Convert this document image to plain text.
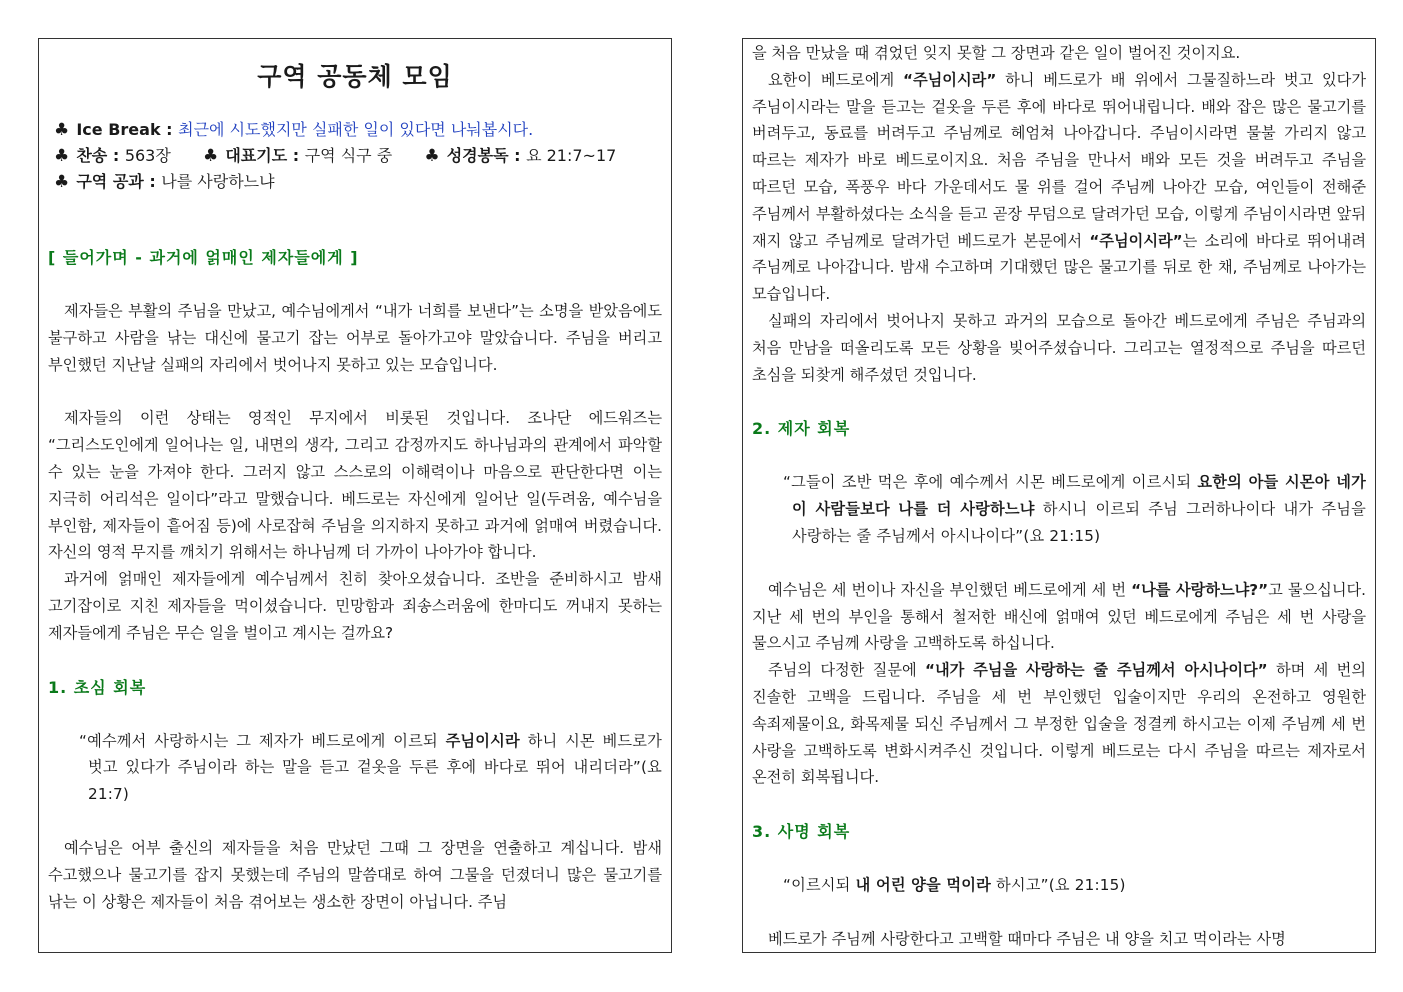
구역 공동체 모임
♣ Ice Break : 최근에 시도했지만 실패한 일이 있다면 나눠봅시다.
♣ 찬송 : 563장 ♣ 대표기도 : 구역 식구 중 ♣ 성경봉독 : 요 21:7~17
♣ 구역 공과 : 나를 사랑하느냐
[ 들어가며 - 과거에 얽매인 제자들에게 ]

제자들은 부활의 주님을 만났고, 예수님에게서 “내가 너희를 보낸다”는 소명을 받았음에도 불구하고 사람을 낚는 대신에 물고기 잡는 어부로 돌아가고야 말았습니다. 주님을 버리고 부인했던 지난날 실패의 자리에서 벗어나지 못하고 있는 모습입니다.

제자들의 이런 상태는 영적인 무지에서 비롯된 것입니다. 조나단 에드워즈는 “그리스도인에게 일어나는 일, 내면의 생각, 그리고 감정까지도 하나님과의 관계에서 파악할 수 있는 눈을 가져야 한다. 그러지 않고 스스로의 이해력이나 마음으로 판단한다면 이는 지극히 어리석은 일이다”라고 말했습니다. 베드로는 자신에게 일어난 일(두려움, 예수님을 부인함, 제자들이 흩어짐 등)에 사로잡혀 주님을 의지하지 못하고 과거에 얽매여 버렸습니다. 자신의 영적 무지를 깨치기 위해서는 하나님께 더 가까이 나아가야 합니다.

과거에 얽매인 제자들에게 예수님께서 친히 찾아오셨습니다. 조반을 준비하시고 밤새 고기잡이로 지친 제자들을 먹이셨습니다. 민망함과 죄송스러움에 한마디도 꺼내지 못하는 제자들에게 주님은 무슨 일을 벌이고 계시는 걸까요?

1. 초심 회복

“예수께서 사랑하시는 그 제자가 베드로에게 이르되 주님이시라 하니 시몬 베드로가 벗고 있다가 주님이라 하는 말을 듣고 겉옷을 두른 후에 바다로 뛰어 내리더라”(요 21:7)

예수님은 어부 출신의 제자들을 처음 만났던 그때 그 장면을 연출하고 계십니다. 밤새 수고했으나 물고기를 잡지 못했는데 주님의 말씀대로 하여 그물을 던졌더니 많은 물고기를 낚는 이 상황은 제자들이 처음 겪어보는 생소한 장면이 아닙니다. 주님

을 처음 만났을 때 겪었던 잊지 못할 그 장면과 같은 일이 벌어진 것이지요.

요한이 베드로에게 “주님이시라” 하니 베드로가 배 위에서 그물질하느라 벗고 있다가 주님이시라는 말을 듣고는 겉옷을 두른 후에 바다로 뛰어내립니다. 배와 잡은 많은 물고기를 버려두고, 동료를 버려두고 주님께로 헤엄쳐 나아갑니다. 주님이시라면 물불 가리지 않고 따르는 제자가 바로 베드로이지요. 처음 주님을 만나서 배와 모든 것을 버려두고 주님을 따르던 모습, 폭풍우 바다 가운데서도 물 위를 걸어 주님께 나아간 모습, 여인들이 전해준 주님께서 부활하셨다는 소식을 듣고 곧장 무덤으로 달려가던 모습, 이렇게 주님이시라면 앞뒤 재지 않고 주님께로 달려가던 베드로가 본문에서 “주님이시라”는 소리에 바다로 뛰어내려 주님께로 나아갑니다. 밤새 수고하며 기대했던 많은 물고기를 뒤로 한 채, 주님께로 나아가는 모습입니다.

실패의 자리에서 벗어나지 못하고 과거의 모습으로 돌아간 베드로에게 주님은 주님과의 처음 만남을 떠올리도록 모든 상황을 빚어주셨습니다. 그리고는 열정적으로 주님을 따르던 초심을 되찾게 해주셨던 것입니다.

2. 제자 회복

“그들이 조반 먹은 후에 예수께서 시몬 베드로에게 이르시되 요한의 아들 시몬아 네가 이 사람들보다 나를 더 사랑하느냐 하시니 이르되 주님 그러하나이다 내가 주님을 사랑하는 줄 주님께서 아시나이다”(요 21:15)

예수님은 세 번이나 자신을 부인했던 베드로에게 세 번 “나를 사랑하느냐?”고 물으십니다. 지난 세 번의 부인을 통해서 철저한 배신에 얽매여 있던 베드로에게 주님은 세 번 사랑을 물으시고 주님께 사랑을 고백하도록 하십니다.

주님의 다정한 질문에 “내가 주님을 사랑하는 줄 주님께서 아시나이다” 하며 세 번의 진솔한 고백을 드립니다. 주님을 세 번 부인했던 입술이지만 우리의 온전하고 영원한 속죄제물이요, 화목제물 되신 주님께서 그 부정한 입술을 정결케 하시고는 이제 주님께 세 번 사랑을 고백하도록 변화시켜주신 것입니다. 이렇게 베드로는 다시 주님을 따르는 제자로서 온전히 회복됩니다.

3. 사명 회복

“이르시되 내 어린 양을 먹이라 하시고”(요 21:15)

베드로가 주님께 사랑한다고 고백할 때마다 주님은 내 양을 치고 먹이라는 사명
